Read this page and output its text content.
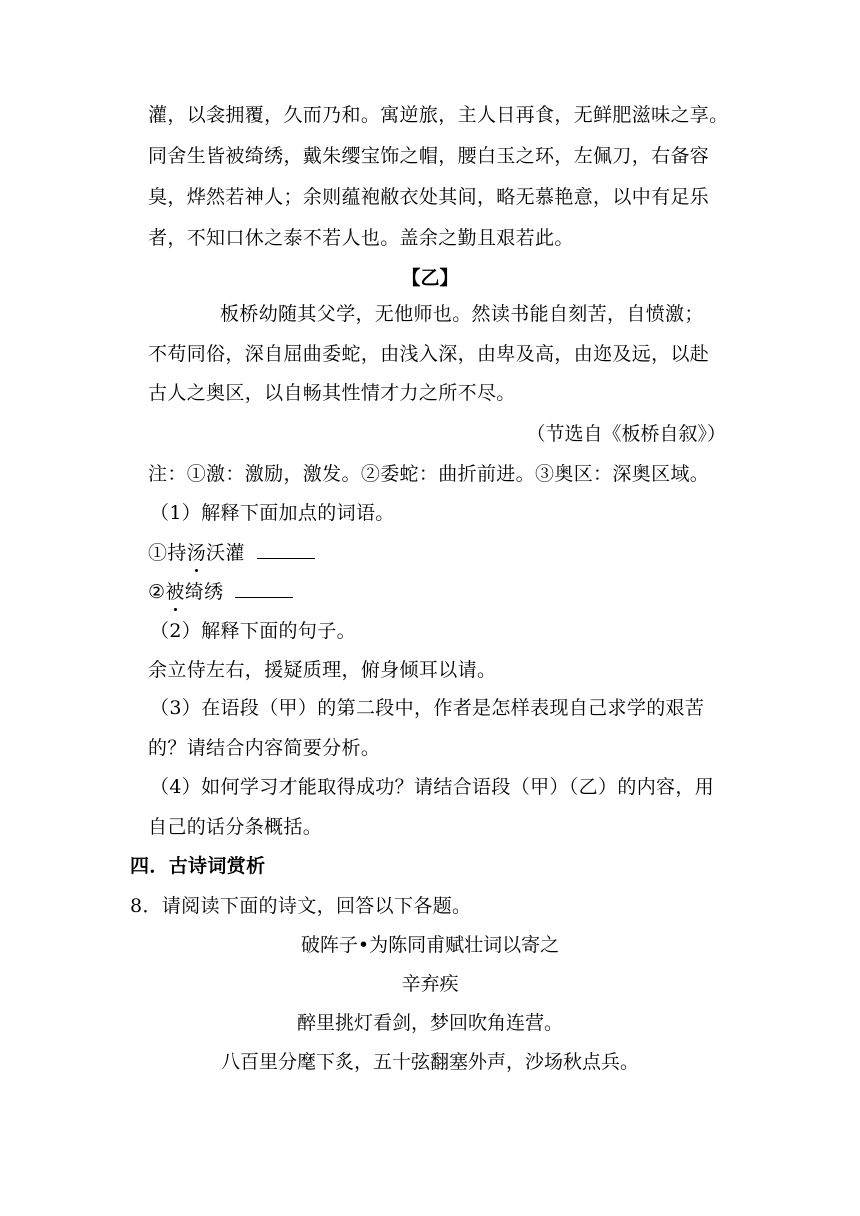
灌，以衾拥覆，久而乃和。寓逆旅，主人日再食，无鲜肥滋味之享。
同舍生皆被绮绣，戴朱缨宝饰之帽，腰白玉之环，左佩刀，右备容
臭，烨然若神人；余则蕴袍敝衣处其间，略无慕艳意，以中有足乐
者，不知口休之泰不若人也。盖余之勤且艰若此。
【乙】
板桥幼随其父学，无他师也。然读书能自刻苦，自愤激；
不苟同俗，深自屈曲委蛇，由浅入深，由卑及高，由迩及远，以赴
古人之奥区，以自畅其性情才力之所不尽。
（节选自《板桥自叙》）
注：①激：激励，激发。②委蛇：曲折前进。③奥区：深奥区域。
（1）解释下面加点的词语。
①持汤沃灌
②被绮绣
（2）解释下面的句子。
余立侍左右，援疑质理，俯身倾耳以请。
（3）在语段（甲）的第二段中，作者是怎样表现自己求学的艰苦
的？请结合内容简要分析。
（4）如何学习才能取得成功？请结合语段（甲）（乙）的内容，用
自己的话分条概括。
四．古诗词赏析
8．请阅读下面的诗文，回答以下各题。
破阵子•为陈同甫赋壮词以寄之
辛弃疾
醉里挑灯看剑，梦回吹角连营。
八百里分麾下炙，五十弦翻塞外声，沙场秋点兵。
